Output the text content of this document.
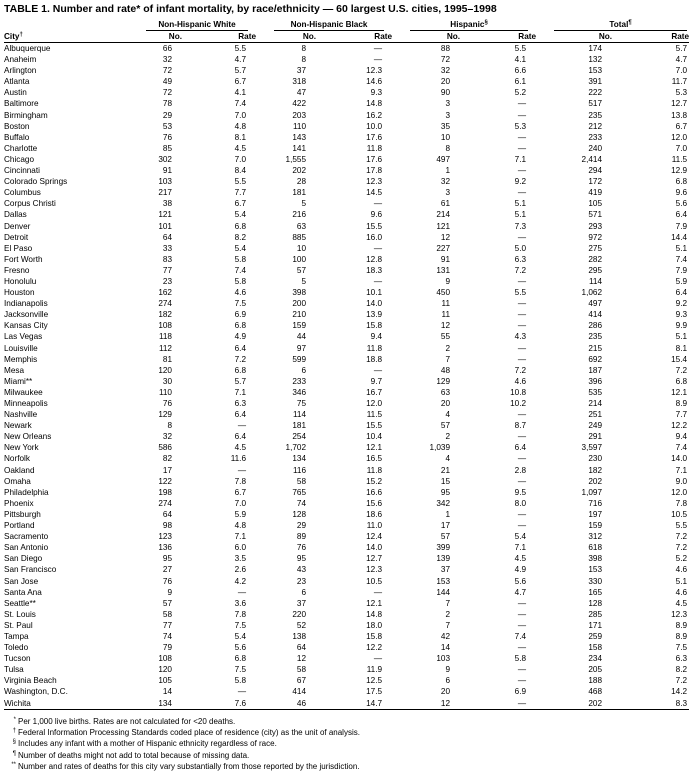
TABLE 1. Number and rate* of infant mortality, by race/ethnicity — 60 largest U.S. cities, 1995–1998

	Non-Hispanic White		Non-Hispanic Black		Hispanic§		Total¶

City†	No.	Rate	No.	Rate	No.	Rate	No.	Rate
Albuquerque	66	5.5	8	—	88	5.5	174	5.7
Anaheim	32	4.7	8	—	72	4.1	132	4.7
Arlington	72	5.7	37	12.3	32	6.6	153	7.0
Atlanta	49	6.7	318	14.6	20	6.1	391	11.7
Austin	72	4.1	47	9.3	90	5.2	222	5.3
Baltimore	78	7.4	422	14.8	3	—	517	12.7
Birmingham	29	7.0	203	16.2	3	—	235	13.8
Boston	53	4.8	110	10.0	35	5.3	212	6.7
Buffalo	76	8.1	143	17.6	10	—	233	12.0
Charlotte	85	4.5	141	11.8	8	—	240	7.0
Chicago	302	7.0	1,555	17.6	497	7.1	2,414	11.5
Cincinnati	91	8.4	202	17.8	1	—	294	12.9
Colorado Springs	103	5.5	28	12.3	32	9.2	172	6.8
Columbus	217	7.7	181	14.5	3	—	419	9.6
Corpus Christi	38	6.7	5	—	61	5.1	105	5.6
Dallas	121	5.4	216	9.6	214	5.1	571	6.4
Denver	101	6.8	63	15.5	121	7.3	293	7.9
Detroit	64	8.2	885	16.0	12	—	972	14.4
El Paso	33	5.4	10	—	227	5.0	275	5.1
Fort Worth	83	5.8	100	12.8	91	6.3	282	7.4
Fresno	77	7.4	57	18.3	131	7.2	295	7.9
Honolulu	23	5.8	5	—	9	—	114	5.9
Houston	162	4.6	398	10.1	450	5.5	1,062	6.4
Indianapolis	274	7.5	200	14.0	11	—	497	9.2
Jacksonville	182	6.9	210	13.9	11	—	414	9.3
Kansas City	108	6.8	159	15.8	12	—	286	9.9
Las Vegas	118	4.9	44	9.4	55	4.3	235	5.1
Louisville	112	6.4	97	11.8	2	—	215	8.1
Memphis	81	7.2	599	18.8	7	—	692	15.4
Mesa	120	6.8	6	—	48	7.2	187	7.2
Miami**	30	5.7	233	9.7	129	4.6	396	6.8
Milwaukee	110	7.1	346	16.7	63	10.8	535	12.1
Minneapolis	76	6.3	75	12.0	20	10.2	214	8.9
Nashville	129	6.4	114	11.5	4	—	251	7.7
Newark	8	—	181	15.5	57	8.7	249	12.2
New Orleans	32	6.4	254	10.4	2	—	291	9.4
New York	586	4.5	1,702	12.1	1,039	6.4	3,597	7.4
Norfolk	82	11.6	134	16.5	4	—	230	14.0
Oakland	17	—	116	11.8	21	2.8	182	7.1
Omaha	122	7.8	58	15.2	15	—	202	9.0
Philadelphia	198	6.7	765	16.6	95	9.5	1,097	12.0
Phoenix	274	7.0	74	15.6	342	8.0	716	7.8
Pittsburgh	64	5.9	128	18.6	1	—	197	10.5
Portland	98	4.8	29	11.0	17	—	159	5.5
Sacramento	123	7.1	89	12.4	57	5.4	312	7.2
San Antonio	136	6.0	76	14.0	399	7.1	618	7.2
San Diego	95	3.5	95	12.7	139	4.5	398	5.2
San Francisco	27	2.6	43	12.3	37	4.9	153	4.6
San Jose	76	4.2	23	10.5	153	5.6	330	5.1
Santa Ana	9	—	6	—	144	4.7	165	4.6
Seattle**	57	3.6	37	12.1	7	—	128	4.5
St. Louis	58	7.8	220	14.8	2	—	285	12.3
St. Paul	77	7.5	52	18.0	7	—	171	8.9
Tampa	74	5.4	138	15.8	42	7.4	259	8.9
Toledo	79	5.6	64	12.2	14	—	158	7.5
Tucson	108	6.8	12	—	103	5.8	234	6.3
Tulsa	120	7.5	58	11.9	9	—	205	8.2
Virginia Beach	105	5.8	67	12.5	6	—	188	7.2
Washington, D.C.	14	—	414	17.5	20	6.9	468	14.2
Wichita	134	7.6	46	14.7	12	—	202	8.3
* Per 1,000 live births. Rates are not calculated for <20 deaths.
† Federal Information Processing Standards coded place of residence (city) as the unit of analysis.
§ Includes any infant with a mother of Hispanic ethnicity regardless of race.
¶ Number of deaths might not add to total because of missing data.
** Number and rates of deaths for this city vary substantially from those reported by the jurisdiction.
